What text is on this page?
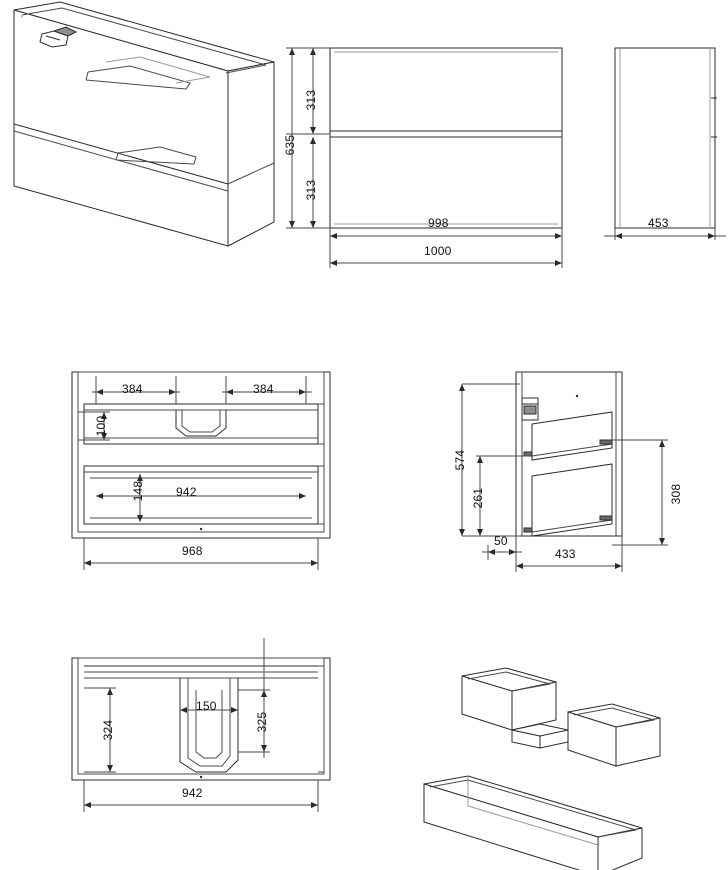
313
313
635
998
1000
453
384	384
100
148	942
968
574
261	308
50
433
324
150
325
942
